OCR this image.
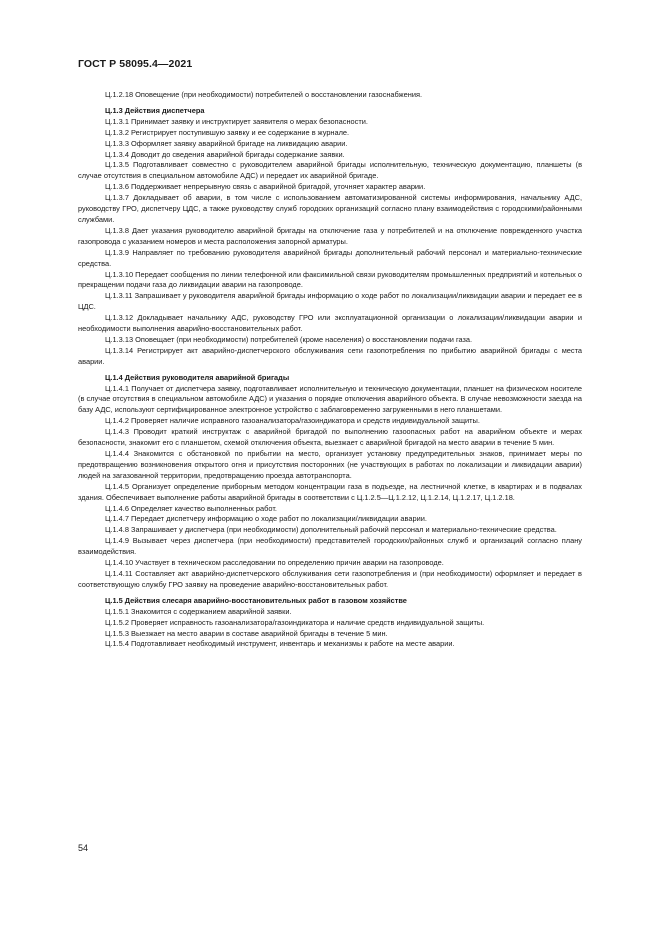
ГОСТ Р 58095.4—2021
Ц.1.2.18 Оповещение (при необходимости) потребителей о восстановлении газоснабжения.
Ц.1.3 Действия диспетчера
Ц.1.3.1 Принимает заявку и инструктирует заявителя о мерах безопасности.
Ц.1.3.2 Регистрирует поступившую заявку и ее содержание в журнале.
Ц.1.3.3 Оформляет заявку аварийной бригаде на ликвидацию аварии.
Ц.1.3.4 Доводит до сведения аварийной бригады содержание заявки.
Ц.1.3.5 Подготавливает совместно с руководителем аварийной бригады исполнительную, техническую документацию, планшеты (в случае отсутствия в специальном автомобиле АДС) и передает их аварийной бригаде.
Ц.1.3.6 Поддерживает непрерывную связь с аварийной бригадой, уточняет характер аварии.
Ц.1.3.7 Докладывает об аварии, в том числе с использованием автоматизированной системы информирования, начальнику АДС, руководству ГРО, диспетчеру ЦДС, а также руководству служб городских организаций согласно плану взаимодействия с городскими/районными службами.
Ц.1.3.8 Дает указания руководителю аварийной бригады на отключение газа у потребителей и на отключение поврежденного участка газопровода с указанием номеров и места расположения запорной арматуры.
Ц.1.3.9 Направляет по требованию руководителя аварийной бригады дополнительный рабочий персонал и материально-технические средства.
Ц.1.3.10 Передает сообщения по линии телефонной или факсимильной связи руководителям промышленных предприятий и котельных о прекращении подачи газа до ликвидации аварии на газопроводе.
Ц.1.3.11 Запрашивает у руководителя аварийной бригады информацию о ходе работ по локализации/ликвидации аварии и передает ее в ЦДС.
Ц.1.3.12 Докладывает начальнику АДС, руководству ГРО или эксплуатационной организации о локализации/ликвидации аварии и необходимости выполнения аварийно-восстановительных работ.
Ц.1.3.13 Оповещает (при необходимости) потребителей (кроме населения) о восстановлении подачи газа.
Ц.1.3.14 Регистрирует акт аварийно-диспетчерского обслуживания сети газопотребления по прибытию аварийной бригады с места аварии.
Ц.1.4 Действия руководителя аварийной бригады
Ц.1.4.1 Получает от диспетчера заявку, подготавливает исполнительную и техническую документации, планшет на физическом носителе (в случае отсутствия в специальном автомобиле АДС) и указания о порядке отключения аварийного объекта. В случае невозможности заезда на базу АДС, используют сертифицированное электронное устройство с заблаговременно загруженными в него планшетами.
Ц.1.4.2 Проверяет наличие исправного газоанализатора/газоиндикатора и средств индивидуальной защиты.
Ц.1.4.3 Проводит краткий инструктаж с аварийной бригадой по выполнению газоопасных работ на аварийном объекте и мерах безопасности, знакомит его с планшетом, схемой отключения объекта, выезжает с аварийной бригадой на место аварии в течение 5 мин.
Ц.1.4.4 Знакомится с обстановкой по прибытии на место, организует установку предупредительных знаков, принимает меры по предотвращению возникновения открытого огня и присутствия посторонних (не участвующих в работах по локализации и ликвидации аварии) людей на загазованной территории, предотвращению проезда автотранспорта.
Ц.1.4.5 Организует определение приборным методом концентрации газа в подъезде, на лестничной клетке, в квартирах и в подвалах здания. Обеспечивает выполнение работы аварийной бригады в соответствии с Ц.1.2.5—Ц.1.2.12, Ц.1.2.14, Ц.1.2.17, Ц.1.2.18.
Ц.1.4.6 Определяет качество выполненных работ.
Ц.1.4.7 Передает диспетчеру информацию о ходе работ по локализации/ликвидации аварии.
Ц.1.4.8 Запрашивает у диспетчера (при необходимости) дополнительный рабочий персонал и материально-технические средства.
Ц.1.4.9 Вызывает через диспетчера (при необходимости) представителей городских/районных служб и организаций согласно плану взаимодействия.
Ц.1.4.10 Участвует в техническом расследовании по определению причин аварии на газопроводе.
Ц.1.4.11 Составляет акт аварийно-диспетчерского обслуживания сети газопотребления и (при необходимости) оформляет и передает в соответствующую службу ГРО заявку на проведение аварийно-восстановительных работ.
Ц.1.5 Действия слесаря аварийно-восстановительных работ в газовом хозяйстве
Ц.1.5.1 Знакомится с содержанием аварийной заявки.
Ц.1.5.2 Проверяет исправность газоанализатора/газоиндикатора и наличие средств индивидуальной защиты.
Ц.1.5.3 Выезжает на место аварии в составе аварийной бригады в течение 5 мин.
Ц.1.5.4 Подготавливает необходимый инструмент, инвентарь и механизмы к работе на месте аварии.
54
